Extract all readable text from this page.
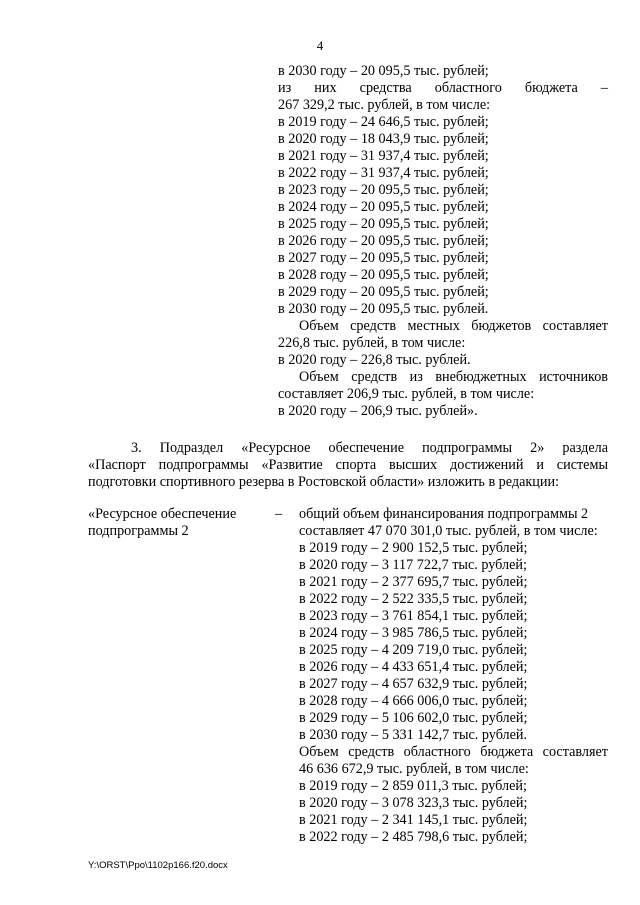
4
в 2030 году – 20 095,5 тыс. рублей;
из них средства областного бюджета –
267 329,2 тыс. рублей, в том числе:
в 2019 году – 24 646,5 тыс. рублей;
в 2020 году – 18 043,9 тыс. рублей;
в 2021 году – 31 937,4 тыс. рублей;
в 2022 году – 31 937,4 тыс. рублей;
в 2023 году – 20 095,5 тыс. рублей;
в 2024 году – 20 095,5 тыс. рублей;
в 2025 году – 20 095,5 тыс. рублей;
в 2026 году – 20 095,5 тыс. рублей;
в 2027 году – 20 095,5 тыс. рублей;
в 2028 году – 20 095,5 тыс. рублей;
в 2029 году – 20 095,5 тыс. рублей;
в 2030 году – 20 095,5 тыс. рублей.
Объем средств местных бюджетов составляет
226,8 тыс. рублей, в том числе:
в 2020 году – 226,8 тыс. рублей.
Объем средств из внебюджетных источников
составляет 206,9 тыс. рублей, в том числе:
в 2020 году – 206,9 тыс. рублей».
3. Подраздел «Ресурсное обеспечение подпрограммы 2» раздела
«Паспорт подпрограммы «Развитие спорта высших достижений и системы
подготовки спортивного резерва в Ростовской области» изложить в редакции:
«Ресурсное обеспечение
подпрограммы 2
– общий объем финансирования подпрограммы 2
составляет 47 070 301,0 тыс. рублей, в том числе:
в 2019 году – 2 900 152,5 тыс. рублей;
в 2020 году – 3 117 722,7 тыс. рублей;
в 2021 году – 2 377 695,7 тыс. рублей;
в 2022 году – 2 522 335,5 тыс. рублей;
в 2023 году – 3 761 854,1 тыс. рублей;
в 2024 году – 3 985 786,5 тыс. рублей;
в 2025 году – 4 209 719,0 тыс. рублей;
в 2026 году – 4 433 651,4 тыс. рублей;
в 2027 году – 4 657 632,9 тыс. рублей;
в 2028 году – 4 666 006,0 тыс. рублей;
в 2029 году – 5 106 602,0 тыс. рублей;
в 2030 году – 5 331 142,7 тыс. рублей.
Объем средств областного бюджета составляет
46 636 672,9 тыс. рублей, в том числе:
в 2019 году – 2 859 011,3 тыс. рублей;
в 2020 году – 3 078 323,3 тыс. рублей;
в 2021 году – 2 341 145,1 тыс. рублей;
в 2022 году – 2 485 798,6 тыс. рублей;
Y:\ORST\Ppo\1102p166.f20.docx
